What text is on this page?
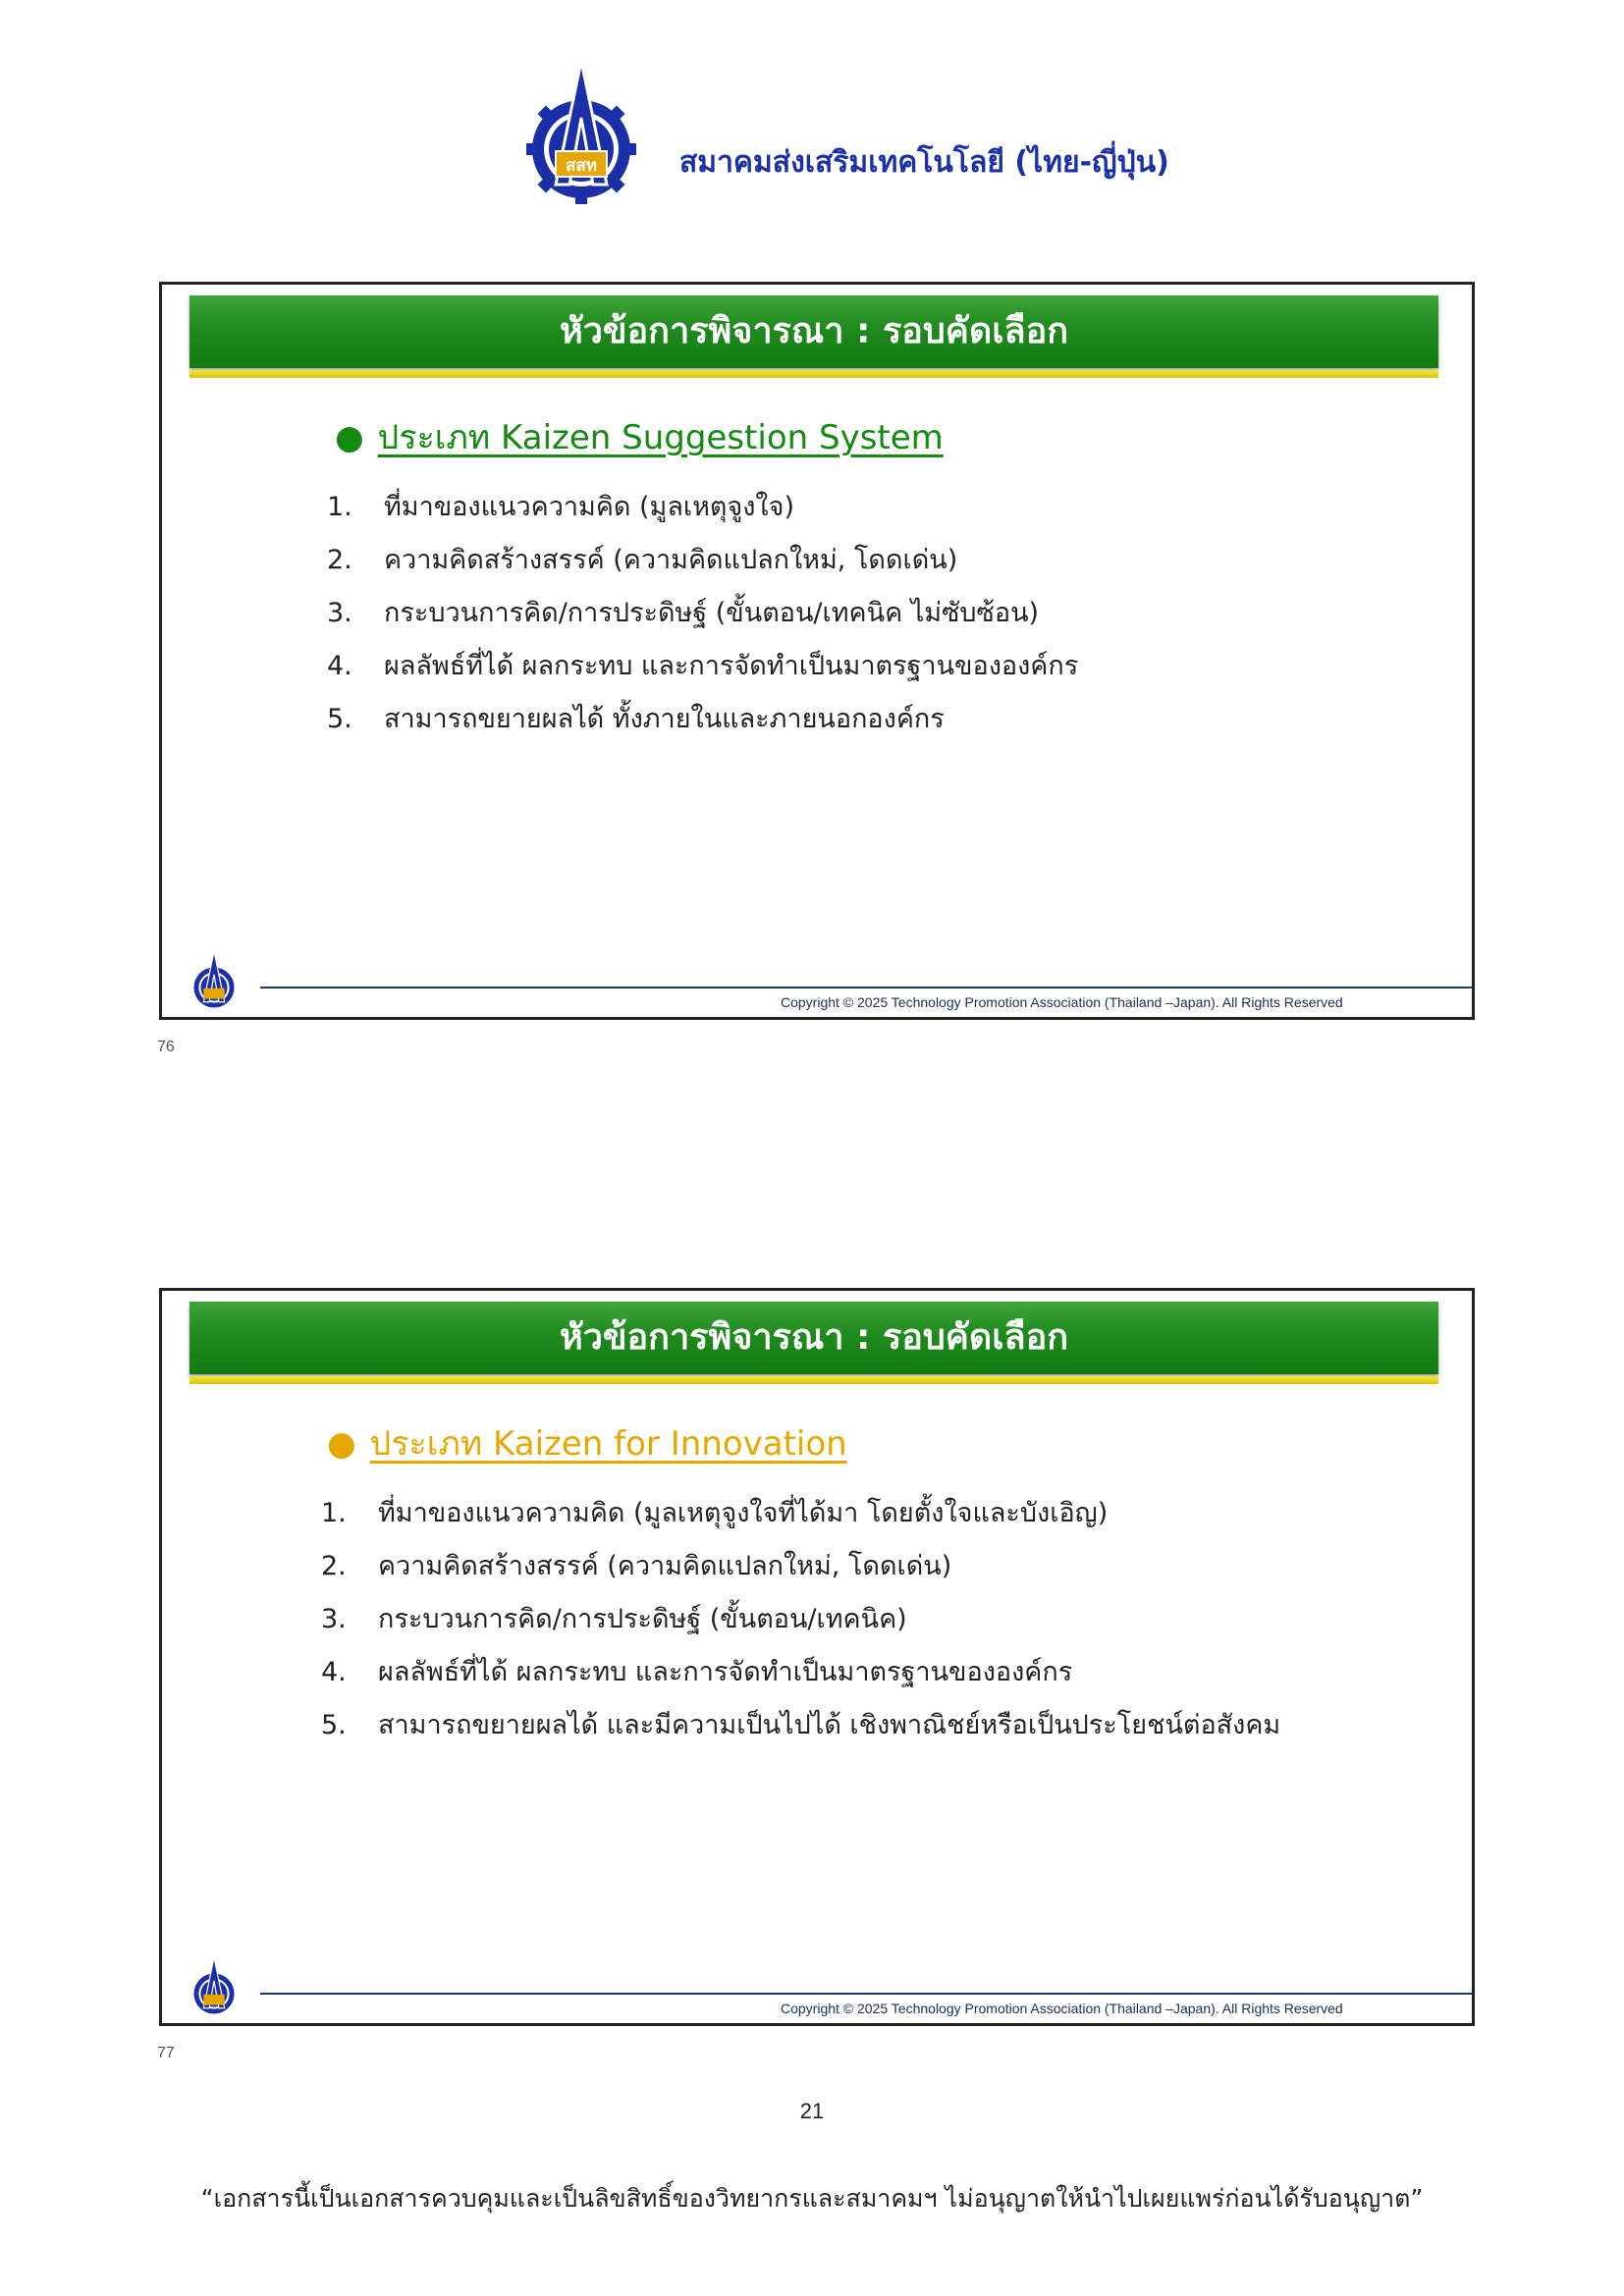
สสท	สมาคมส่งเสริมเทคโนโลยี (ไทย-ญี่ปุ่น)
หัวข้อการพิจารณา : รอบคัดเลือก
● ประเภท Kaizen Suggestion System
1. ที่มาของแนวความคิด (มูลเหตุจูงใจ)
2. ความคิดสร้างสรรค์ (ความคิดแปลกใหม่, โดดเด่น)
3. กระบวนการคิด/การประดิษฐ์ (ขั้นตอน/เทคนิค ไม่ซับซ้อน)
4. ผลลัพธ์ที่ได้ ผลกระทบ และการจัดทำเป็นมาตรฐานขององค์กร
5. สามารถขยายผลได้ ทั้งภายในและภายนอกองค์กร
Copyright © 2025 Technology Promotion Association (Thailand –Japan). All Rights Reserved
76
หัวข้อการพิจารณา : รอบคัดเลือก
● ประเภท Kaizen for Innovation
1. ที่มาของแนวความคิด (มูลเหตุจูงใจที่ได้มา โดยตั้งใจและบังเอิญ)
2. ความคิดสร้างสรรค์ (ความคิดแปลกใหม่, โดดเด่น)
3. กระบวนการคิด/การประดิษฐ์ (ขั้นตอน/เทคนิค)
4. ผลลัพธ์ที่ได้ ผลกระทบ และการจัดทำเป็นมาตรฐานขององค์กร
5. สามารถขยายผลได้ และมีความเป็นไปได้ เชิงพาณิชย์หรือเป็นประโยชน์ต่อสังคม
Copyright © 2025 Technology Promotion Association (Thailand –Japan). All Rights Reserved
77
21
“เอกสารนี้เป็นเอกสารควบคุมและเป็นลิขสิทธิ์ของวิทยากรและสมาคมฯ ไม่อนุญาตให้นำไปเผยแพร่ก่อนได้รับอนุญาต”
